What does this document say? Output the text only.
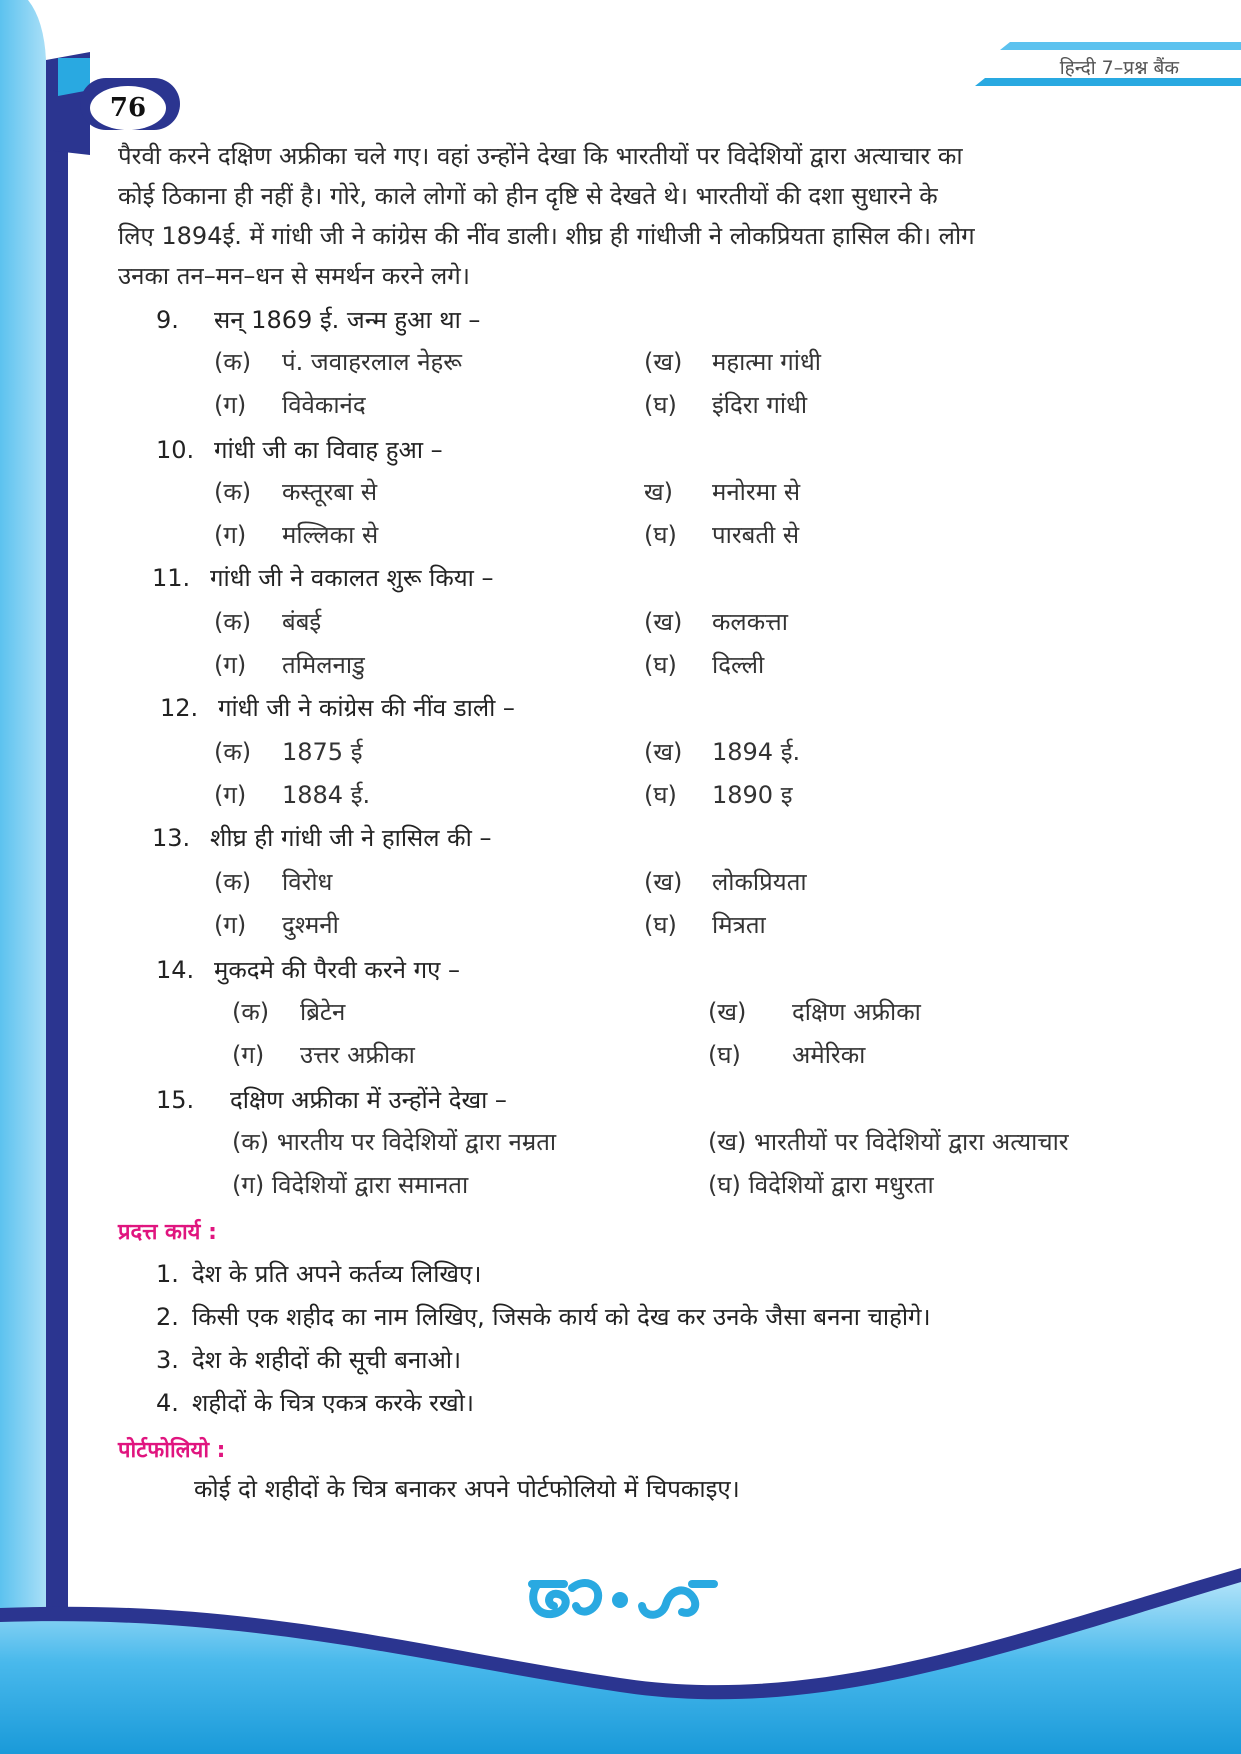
हिन्दी 7–प्रश्न बैंक
76
पैरवी करने दक्षिण अफ्रीका चले गए। वहां उन्होंने देखा कि भारतीयों पर विदेशियों द्वारा अत्याचार का
कोई ठिकाना ही नहीं है। गोरे, काले लोगों को हीन दृष्टि से देखते थे। भारतीयों की दशा सुधारने के
लिए 1894ई. में गांधी जी ने कांग्रेस की नींव डाली। शीघ्र ही गांधीजी ने लोकप्रियता हासिल की। लोग
उनका तन–मन–धन से समर्थन करने लगे।
9. सन् 1869 ई. जन्म हुआ था –
(क) पं. जवाहरलाल नेहरू	(ख) महात्मा गांधी
(ग) विवेकानंद	(घ) इंदिरा गांधी
10. गांधी जी का विवाह हुआ –
(क) कस्तूरबा से	ख) मनोरमा से
(ग) मल्लिका से	(घ) पारबती से
11. गांधी जी ने वकालत शुरू किया –
(क) बंबई	(ख) कलकत्ता
(ग) तमिलनाडु	(घ) दिल्ली
12. गांधी जी ने कांग्रेस की नींव डाली –
(क) 1875 ई	(ख) 1894 ई.
(ग) 1884 ई.	(घ) 1890 इ
13. शीघ्र ही गांधी जी ने हासिल की –
(क) विरोध	(ख) लोकप्रियता
(ग) दुश्मनी	(घ) मित्रता
14. मुकदमे की पैरवी करने गए –
(क) ब्रिटेन	(ख) दक्षिण अफ्रीका
(ग) उत्तर अफ्रीका	(घ) अमेरिका
15. दक्षिण अफ्रीका में उन्होंने देखा –
(क) भारतीय पर विदेशियों द्वारा नम्रता	(ख) भारतीयों पर विदेशियों द्वारा अत्याचार
(ग) विदेशियों द्वारा समानता	(घ) विदेशियों द्वारा मधुरता
प्रदत्त कार्य :
1. देश के प्रति अपने कर्तव्य लिखिए।
2. किसी एक शहीद का नाम लिखिए, जिसके कार्य को देख कर उनके जैसा बनना चाहोगे।
3. देश के शहीदों की सूची बनाओ।
4. शहीदों के चित्र एकत्र करके रखो।
पोर्टफोलियो :
कोई दो शहीदों के चित्र बनाकर अपने पोर्टफोलियो में चिपकाइए।
